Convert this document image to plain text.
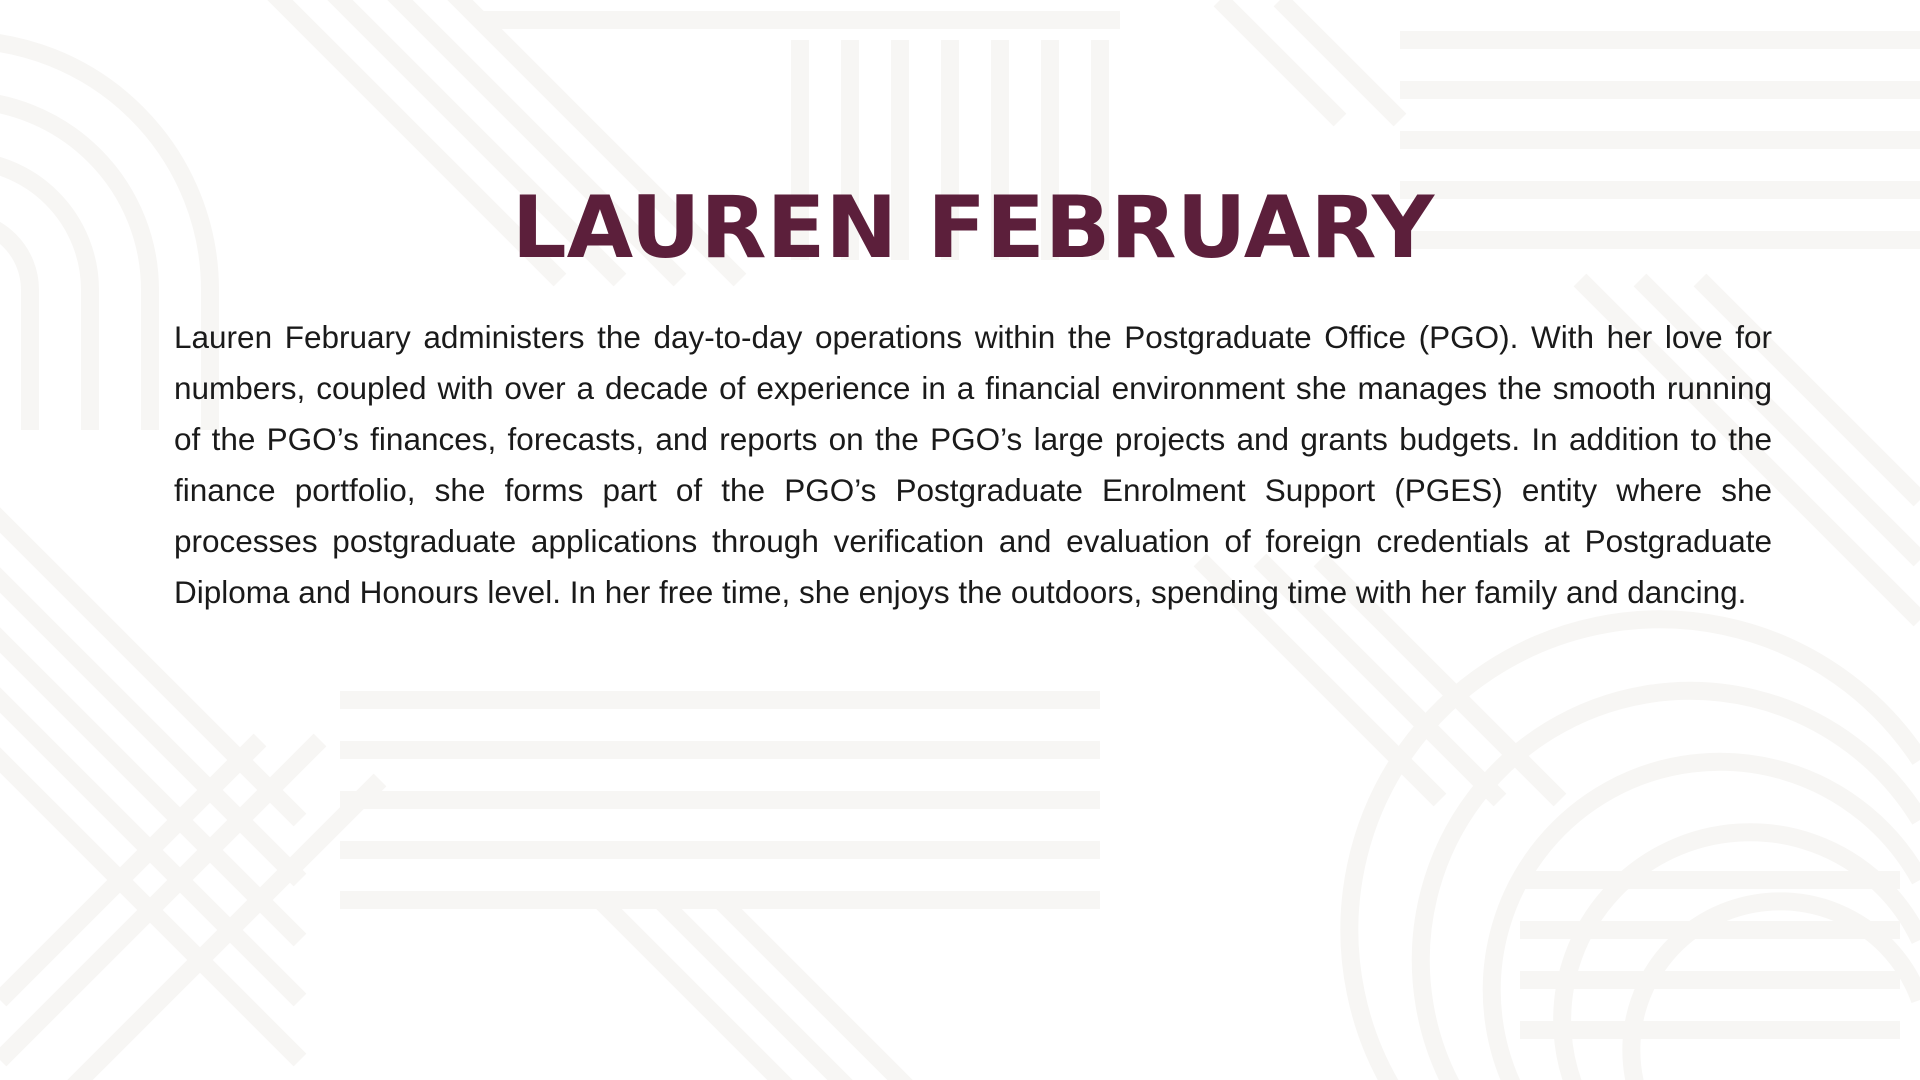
LAUREN FEBRUARY

Lauren February administers the day-to-day operations within the Postgraduate Office (PGO). With her love for numbers, coupled with over a decade of experience in a financial environment she manages the smooth running of the PGO’s finances, forecasts, and reports on the PGO’s large projects and grants budgets. In addition to the finance portfolio, she forms part of the PGO’s Postgraduate Enrolment Support (PGES) entity where she processes postgraduate applications through verification and evaluation of foreign credentials at Postgraduate Diploma and Honours level. In her free time, she enjoys the outdoors, spending time with her family and dancing.
